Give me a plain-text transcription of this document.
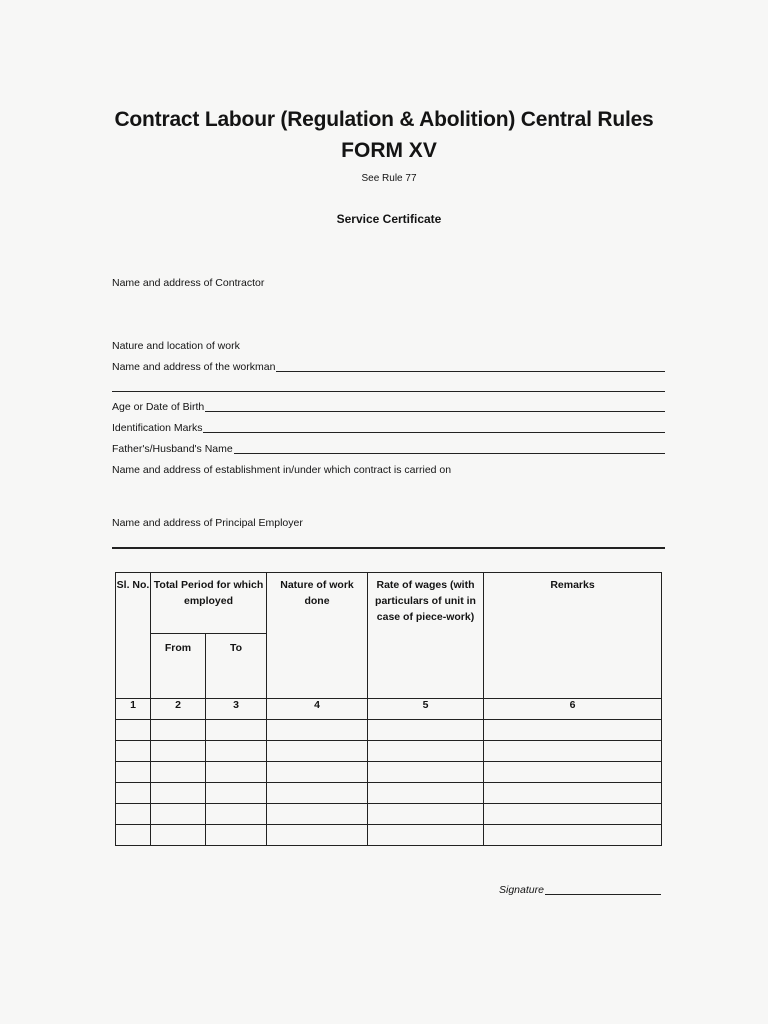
Contract Labour (Regulation & Abolition) Central Rules
FORM XV
See Rule 77
Service Certificate
Name and address of Contractor
Nature and location of work
Name and address of the workman
Age or Date of Birth
Identification Marks
Father's/Husband's Name
Name and address of establishment in/under which contract is carried on
Name and address of Principal Employer
Sl. No.	Total Period for which employed		Nature of work done	Rate of wages (with particulars of unit in case of piece-work)	Remarks
	From	To			
1	2	3	4	5	6

Signature
